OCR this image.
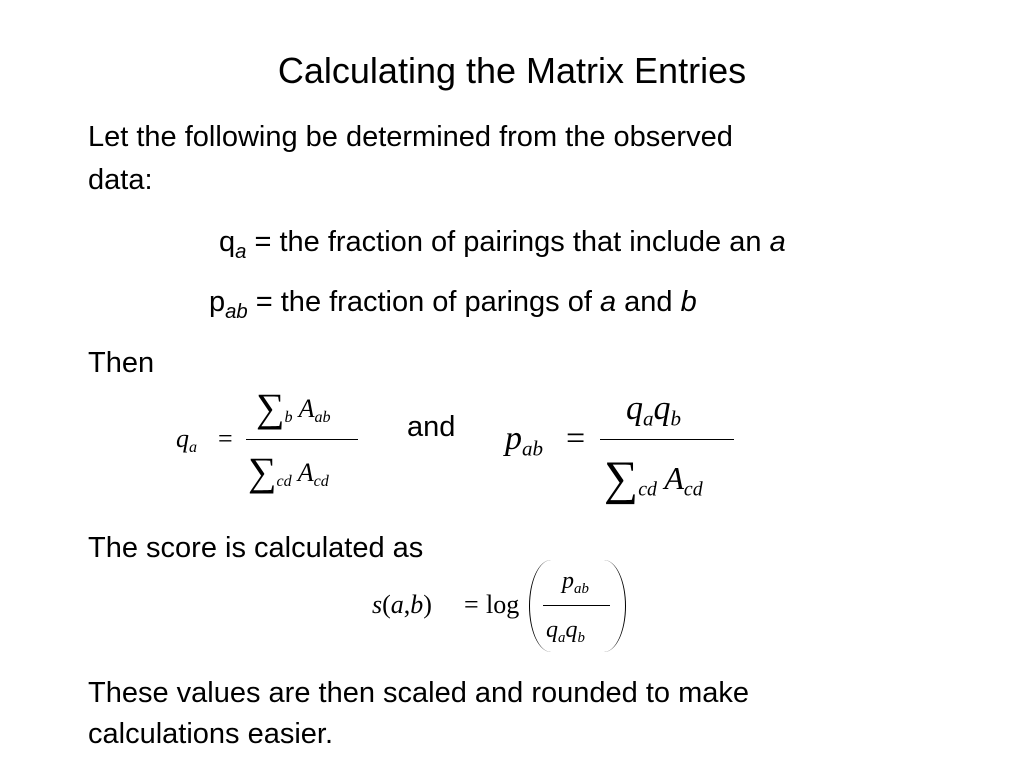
Calculating the Matrix Entries
Let the following be determined from the observed
data:
$q_a$ = the fraction of pairings that include an a
$p_{ab}$ = the fraction of parings of a and b
Then
$q_a$ =
$\sum_b$ $A_{ab}$
$\sum_{cd}$ $A_{cd}$
and $p_{ab}$ =
$q_aq_b$
$\sum_{cd}$ $A_{cd}$
The score is calculated as
s(a,b) = log
$p_{ab}$
$q_aq_b$
These values are then scaled and rounded to make
calculations easier.
